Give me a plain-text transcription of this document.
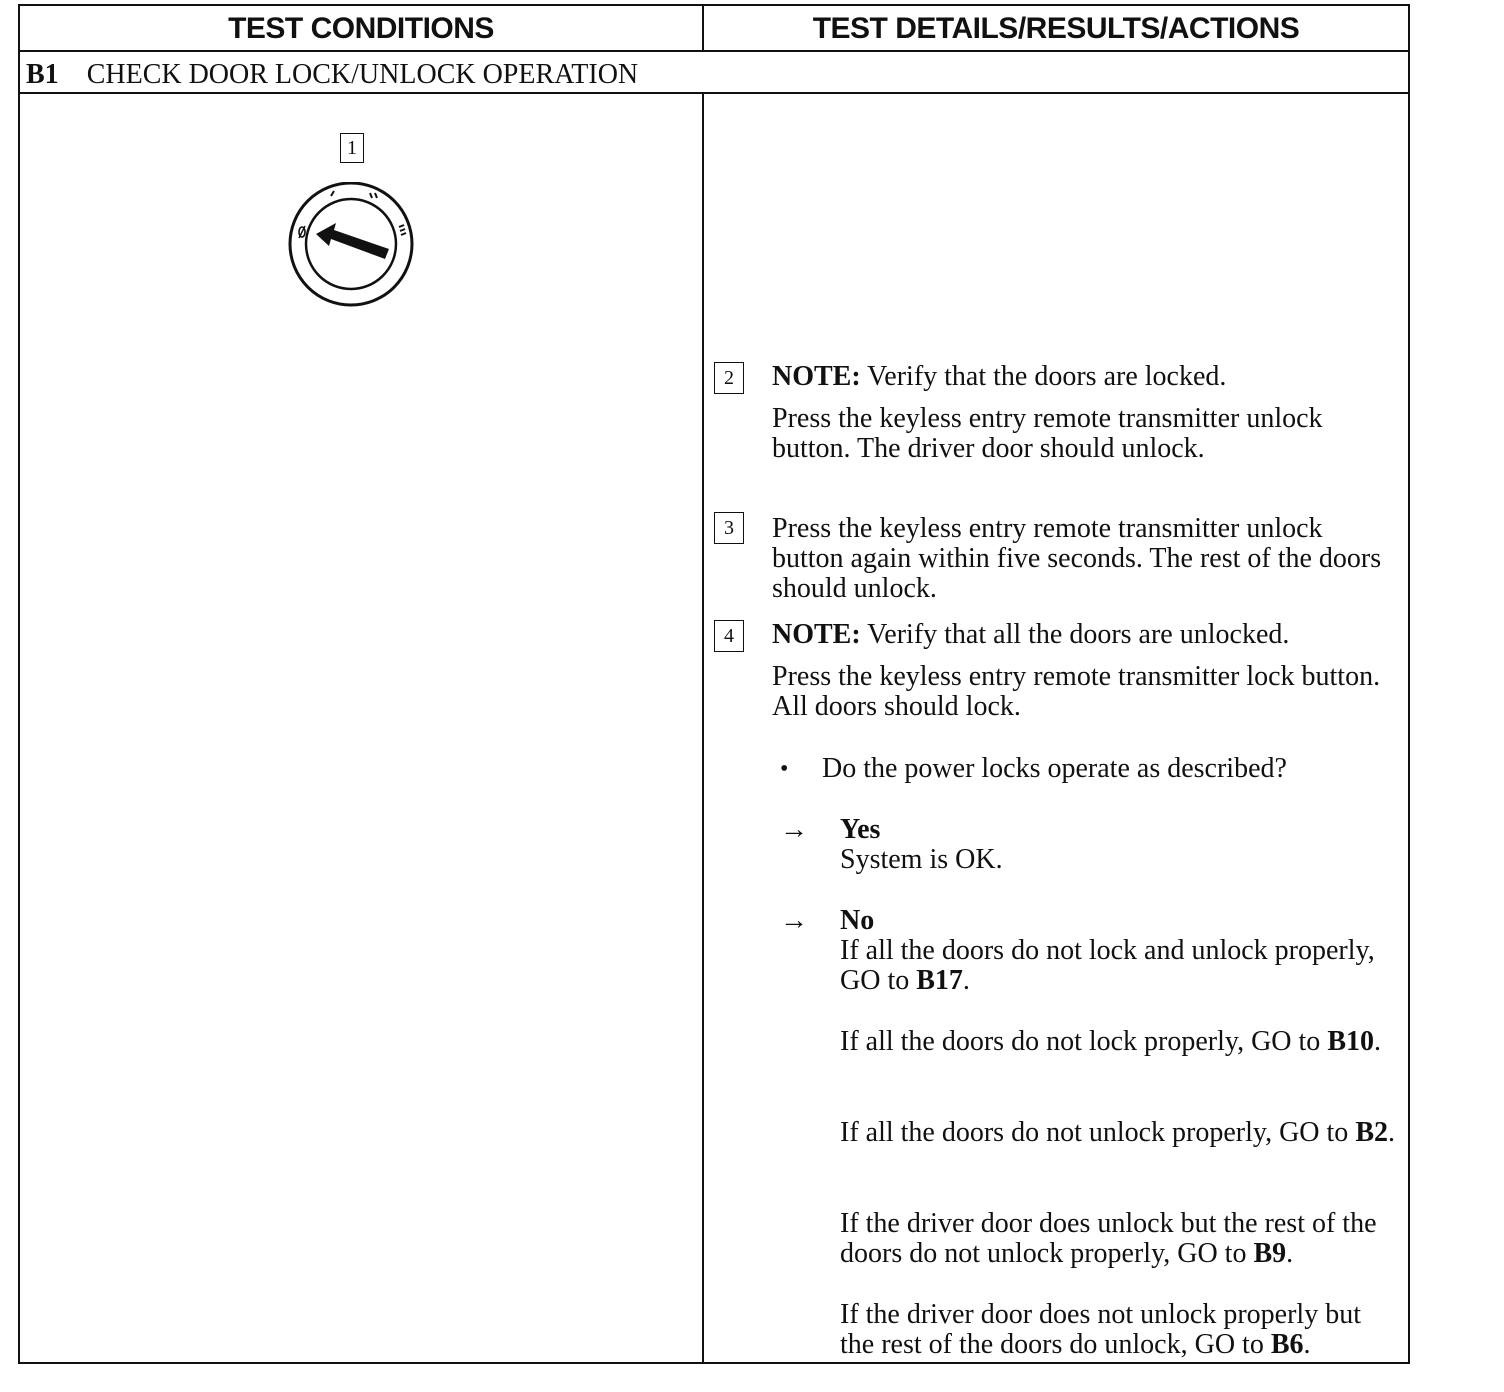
TEST CONDITIONS	TEST DETAILS/RESULTS/ACTIONS
B1 CHECK DOOR LOCK/UNLOCK OPERATION
1
2	NOTE: Verify that the doors are locked.
Press the keyless entry remote transmitter unlock button. The driver door should unlock.
3	Press the keyless entry remote transmitter unlock button again within five seconds. The rest of the doors should unlock.
4	NOTE: Verify that all the doors are unlocked.
Press the keyless entry remote transmitter lock button. All doors should lock.
• Do the power locks operate as described?
→ Yes
System is OK.
→ No
If all the doors do not lock and unlock properly, GO to B17.
If all the doors do not lock properly, GO to B10.
If all the doors do not unlock properly, GO to B2.
If the driver door does unlock but the rest of the doors do not unlock properly, GO to B9.
If the driver door does not unlock properly but the rest of the doors do unlock, GO to B6.
